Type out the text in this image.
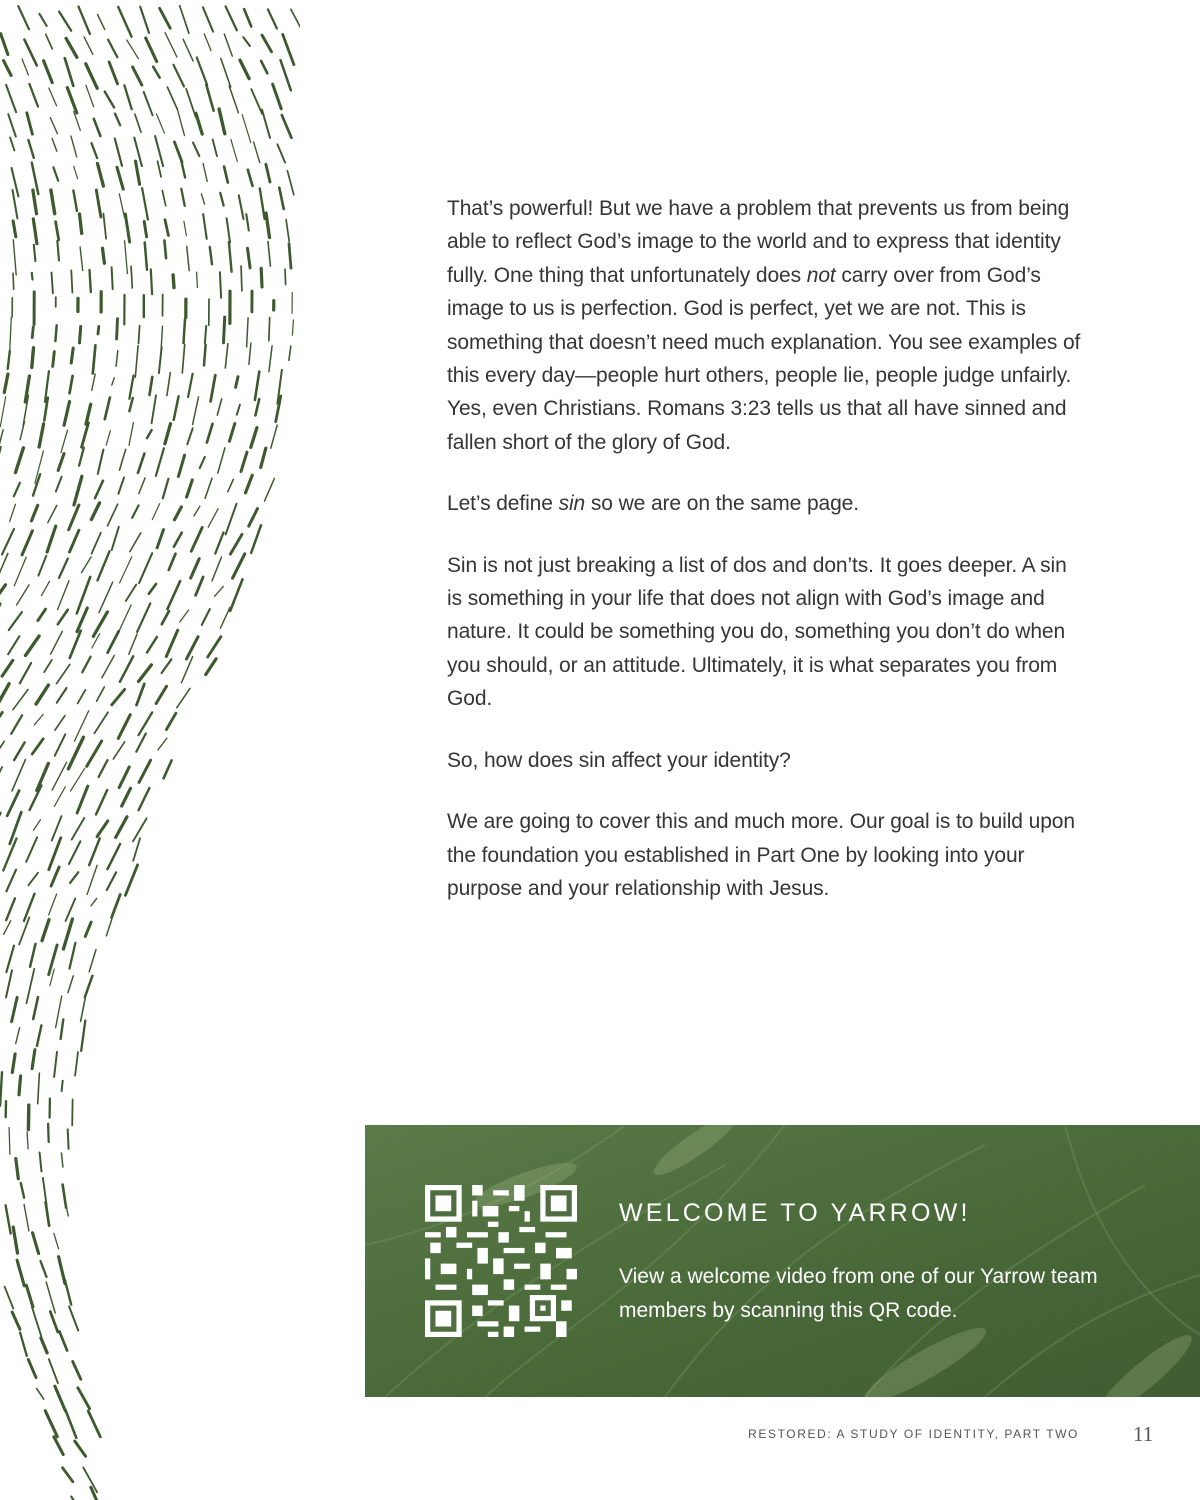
That’s powerful! But we have a problem that prevents us from being able to reflect God’s image to the world and to express that identity fully. One thing that unfortunately does not carry over from God’s image to us is perfection. God is perfect, yet we are not. This is something that doesn’t need much explanation. You see examples of this every day—people hurt others, people lie, people judge unfairly. Yes, even Christians. Romans 3:23 tells us that all have sinned and fallen short of the glory of God.

Let’s define sin so we are on the same page.

Sin is not just breaking a list of dos and don’ts. It goes deeper. A sin is something in your life that does not align with God’s image and nature. It could be something you do, something you don’t do when you should, or an attitude. Ultimately, it is what separates you from God.

So, how does sin affect your identity?

We are going to cover this and much more. Our goal is to build upon the foundation you established in Part One by looking into your purpose and your relationship with Jesus.

WELCOME TO YARROW!
View a welcome video from one of our Yarrow team members by scanning this QR code.
RESTORED: A STUDY OF IDENTITY, PART TWO	11
